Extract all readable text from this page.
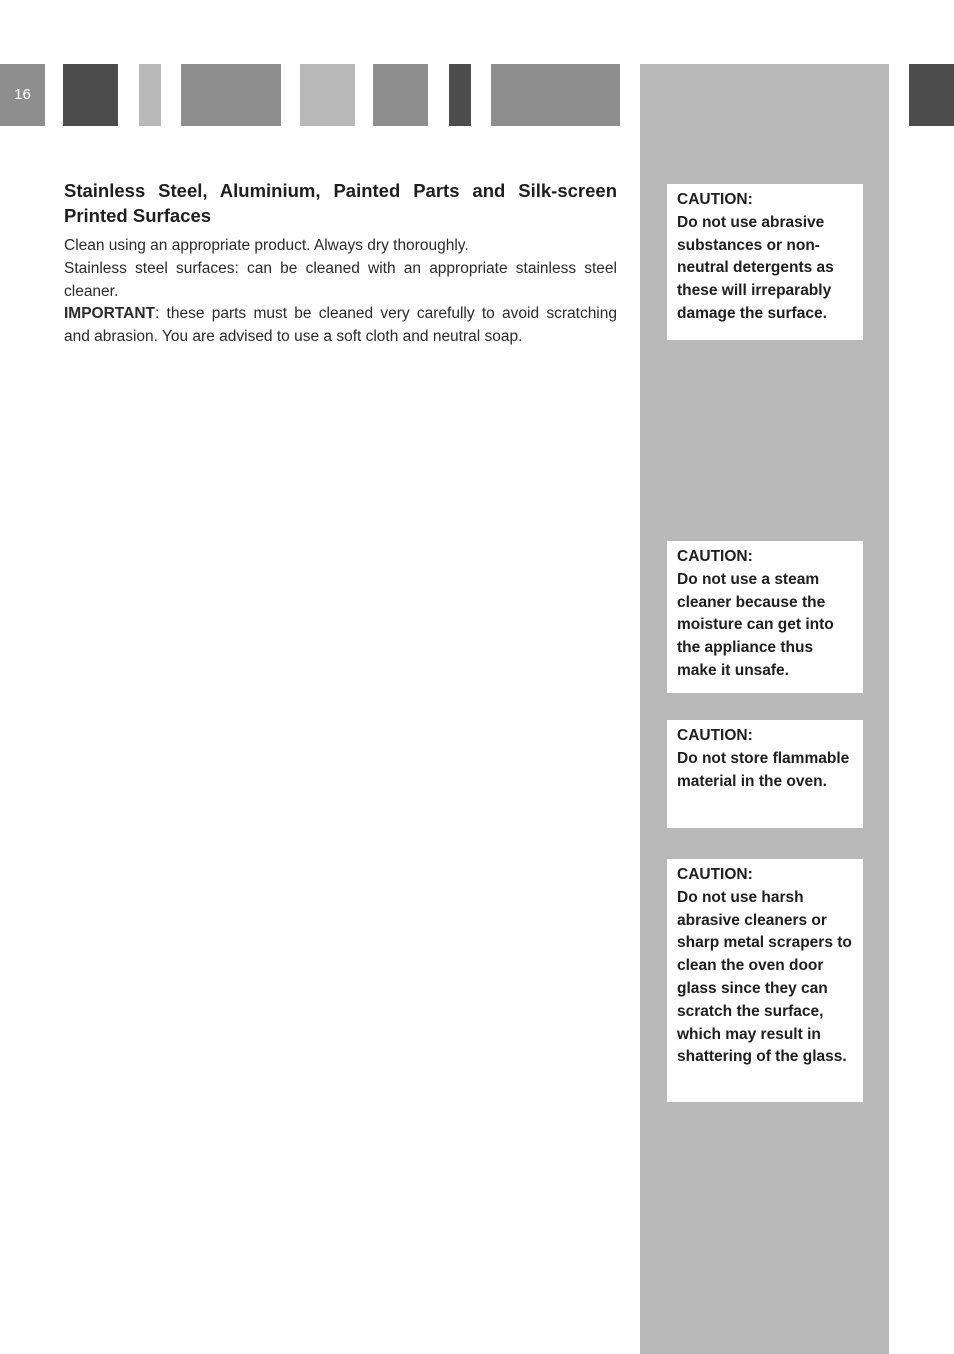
16
Stainless Steel, Aluminium, Painted Parts and Silk-screen Printed Surfaces

Clean using an appropriate product. Always dry thoroughly.

Stainless steel surfaces: can be cleaned with an appropriate stainless steel cleaner.

IMPORTANT: these parts must be cleaned very carefully to avoid scratching and abrasion. You are advised to use a soft cloth and neutral soap.

CAUTION:
Do not use abrasive substances or non-neutral detergents as these will irreparably damage the surface.
CAUTION:
Do not use a steam cleaner because the moisture can get into the appliance thus make it unsafe.
CAUTION:
Do not store flammable material in the oven.
CAUTION:
Do not use harsh abrasive cleaners or sharp metal scrapers to clean the oven door glass since they can scratch the surface, which may result in shattering of the glass.
